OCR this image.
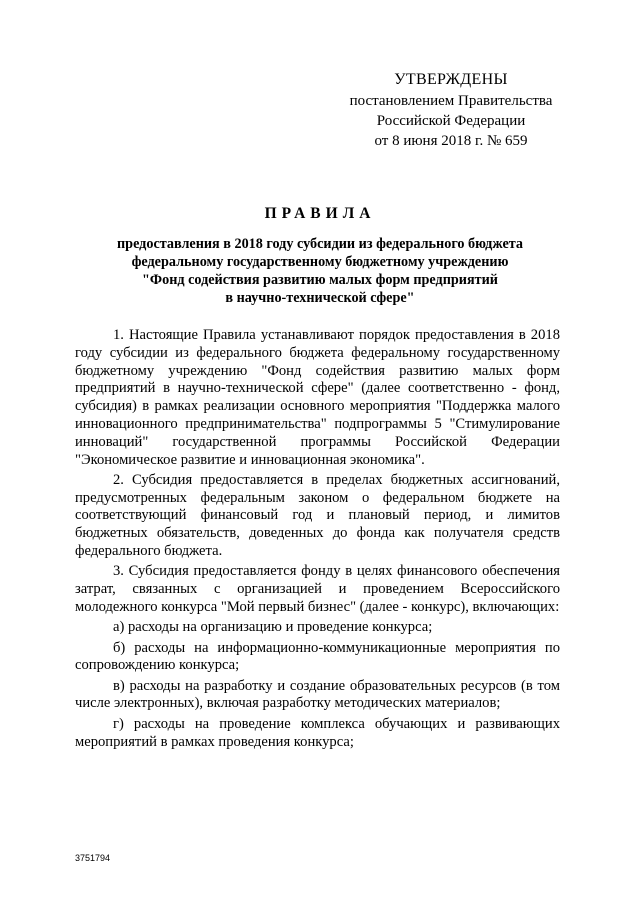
УТВЕРЖДЕНЫ
постановлением Правительства
Российской Федерации
от 8 июня 2018 г. № 659
ПРАВИЛА
предоставления в 2018 году субсидии из федерального бюджета
федеральному государственному бюджетному учреждению
"Фонд содействия развитию малых форм предприятий
в научно-технической сфере"

1. Настоящие Правила устанавливают порядок предоставления в 2018 году субсидии из федерального бюджета федеральному государственному бюджетному учреждению "Фонд содействия развитию малых форм предприятий в научно-технической сфере" (далее соответственно - фонд, субсидия) в рамках реализации основного мероприятия "Поддержка малого инновационного предпринимательства" подпрограммы 5 "Стимулирование инноваций" государственной программы Российской Федерации "Экономическое развитие и инновационная экономика".

2. Субсидия предоставляется в пределах бюджетных ассигнований, предусмотренных федеральным законом о федеральном бюджете на соответствующий финансовый год и плановый период, и лимитов бюджетных обязательств, доведенных до фонда как получателя средств федерального бюджета.

3. Субсидия предоставляется фонду в целях финансового обеспечения затрат, связанных с организацией и проведением Всероссийского молодежного конкурса "Мой первый бизнес" (далее - конкурс), включающих:

а) расходы на организацию и проведение конкурса;

б) расходы на информационно-коммуникационные мероприятия по сопровождению конкурса;

в) расходы на разработку и создание образовательных ресурсов (в том числе электронных), включая разработку методических материалов;

г) расходы на проведение комплекса обучающих и развивающих мероприятий в рамках проведения конкурса;

3751794
